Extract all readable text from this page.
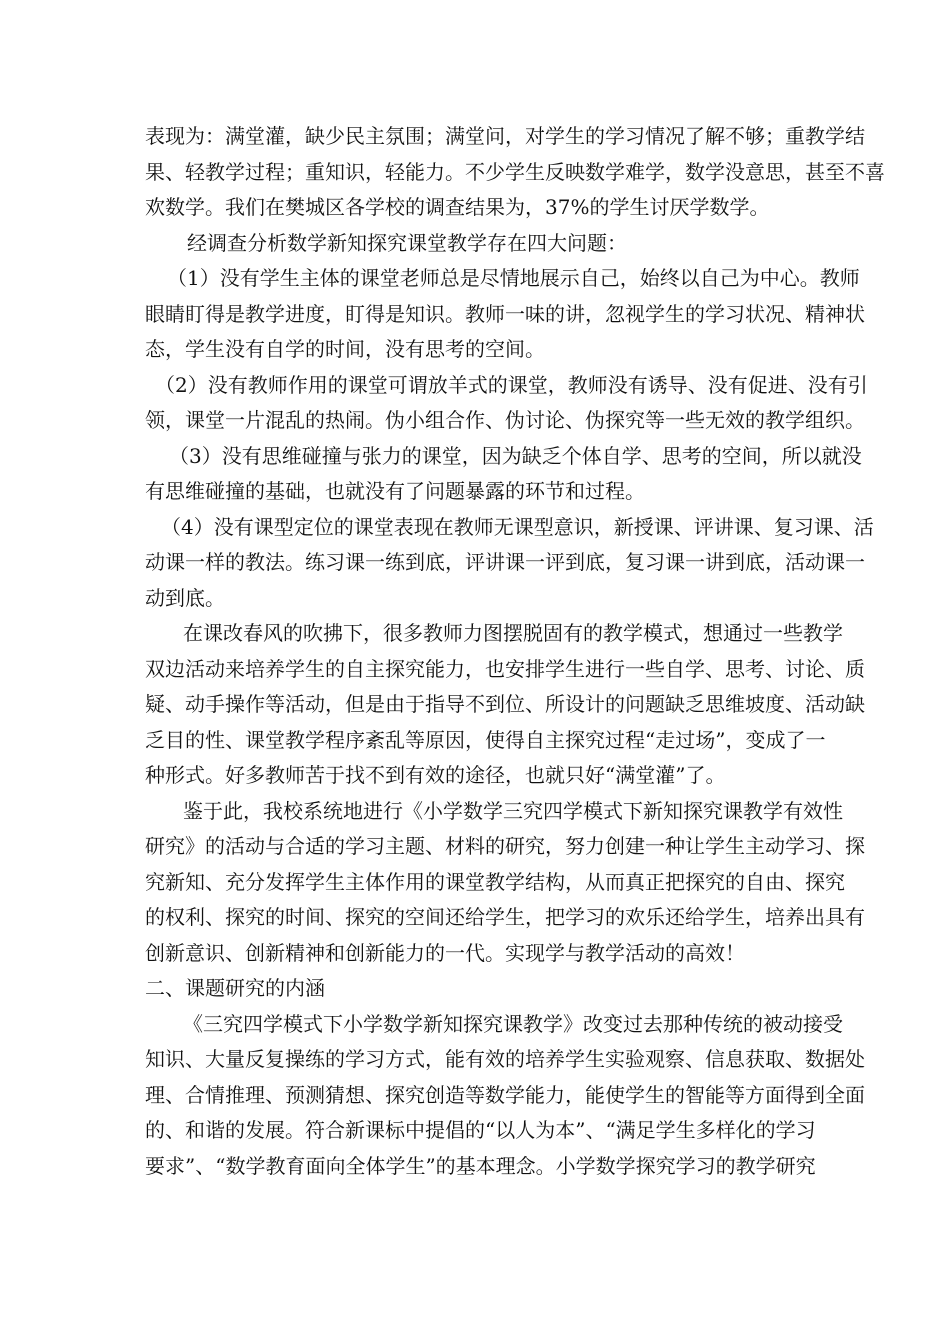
表现为：满堂灌，缺少民主氛围；满堂问，对学生的学习情况了解不够；重教学结
果、轻教学过程；重知识，轻能力。不少学生反映数学难学，数学没意思，甚至不喜
欢数学。我们在樊城区各学校的调查结果为，37%的学生讨厌学数学。
经调查分析数学新知探究课堂教学存在四大问题：
（1）没有学生主体的课堂老师总是尽情地展示自己，始终以自己为中心。教师
眼睛盯得是教学进度，盯得是知识。教师一味的讲，忽视学生的学习状况、精神状
态，学生没有自学的时间，没有思考的空间。
（2）没有教师作用的课堂可谓放羊式的课堂，教师没有诱导、没有促进、没有引
领，课堂一片混乱的热闹。伪小组合作、伪讨论、伪探究等一些无效的教学组织。
（3）没有思维碰撞与张力的课堂，因为缺乏个体自学、思考的空间，所以就没
有思维碰撞的基础，也就没有了问题暴露的环节和过程。
（4）没有课型定位的课堂表现在教师无课型意识，新授课、评讲课、复习课、活
动课一样的教法。练习课一练到底，评讲课一评到底，复习课一讲到底，活动课一
动到底。
在课改春风的吹拂下，很多教师力图摆脱固有的教学模式，想通过一些教学
双边活动来培养学生的自主探究能力，也安排学生进行一些自学、思考、讨论、质
疑、动手操作等活动，但是由于指导不到位、所设计的问题缺乏思维坡度、活动缺
乏目的性、课堂教学程序紊乱等原因，使得自主探究过程“走过场”，变成了一
种形式。好多教师苦于找不到有效的途径，也就只好“满堂灌”了。
鉴于此，我校系统地进行《小学数学三究四学模式下新知探究课教学有效性
研究》的活动与合适的学习主题、材料的研究，努力创建一种让学生主动学习、探
究新知、充分发挥学生主体作用的课堂教学结构，从而真正把探究的自由、探究
的权利、探究的时间、探究的空间还给学生，把学习的欢乐还给学生，培养出具有
创新意识、创新精神和创新能力的一代。实现学与教学活动的高效！
二、课题研究的内涵
《三究四学模式下小学数学新知探究课教学》改变过去那种传统的被动接受
知识、大量反复操练的学习方式，能有效的培养学生实验观察、信息获取、数据处
理、合情推理、预测猜想、探究创造等数学能力，能使学生的智能等方面得到全面
的、和谐的发展。符合新课标中提倡的“以人为本”、“满足学生多样化的学习
要求”、“数学教育面向全体学生”的基本理念。小学数学探究学习的教学研究
